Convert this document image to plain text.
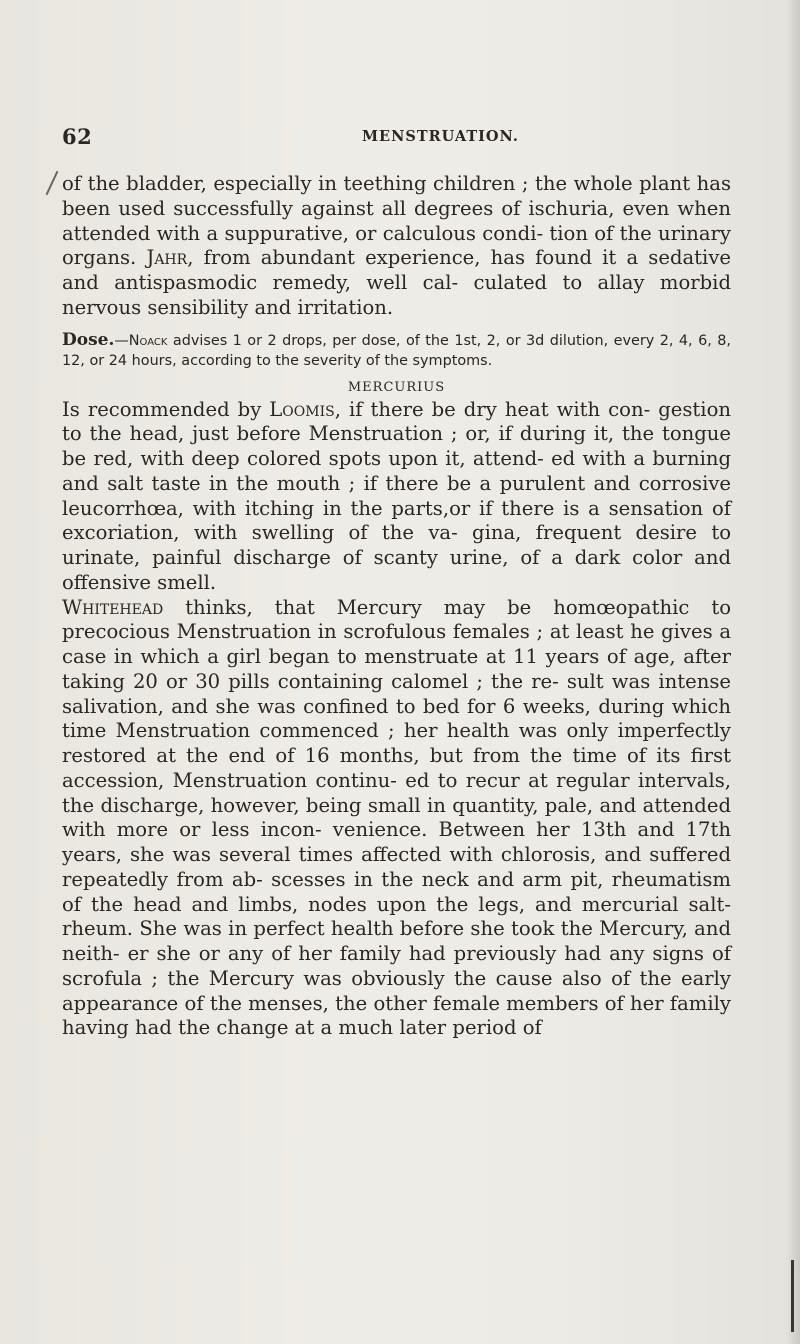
62	MENSTRUATION.

of the bladder, especially in teething children ; the whole plant has been used successfully against all degrees of ischuria, even when attended with a suppurative, or calculous condi- tion of the urinary organs. Jahr, from abundant experience, has found it a sedative and antispasmodic remedy, well cal- culated to allay morbid nervous sensibility and irritation.

Dose.—Noack advises 1 or 2 drops, per dose, of the 1st, 2, or 3d dilution, every 2, 4, 6, 8, 12, or 24 hours, according to the severity of the symptoms.

MERCURIUS

Is recommended by Loomis, if there be dry heat with con- gestion to the head, just before Menstruation ; or, if during it, the tongue be red, with deep colored spots upon it, attend- ed with a burning and salt taste in the mouth ; if there be a purulent and corrosive leucorrhœa, with itching in the parts,or if there is a sensation of excoriation, with swelling of the va- gina, frequent desire to urinate, painful discharge of scanty urine, of a dark color and offensive smell.

Whitehead thinks, that Mercury may be homœopathic to precocious Menstruation in scrofulous females ; at least he gives a case in which a girl began to menstruate at 11 years of age, after taking 20 or 30 pills containing calomel ; the re- sult was intense salivation, and she was confined to bed for 6 weeks, during which time Menstruation commenced ; her health was only imperfectly restored at the end of 16 months, but from the time of its first accession, Menstruation continu- ed to recur at regular intervals, the discharge, however, being small in quantity, pale, and attended with more or less incon- venience. Between her 13th and 17th years, she was several times affected with chlorosis, and suffered repeatedly from ab- scesses in the neck and arm pit, rheumatism of the head and limbs, nodes upon the legs, and mercurial salt-rheum. She was in perfect health before she took the Mercury, and neith- er she or any of her family had previously had any signs of scrofula ; the Mercury was obviously the cause also of the early appearance of the menses, the other female members of her family having had the change at a much later period of
